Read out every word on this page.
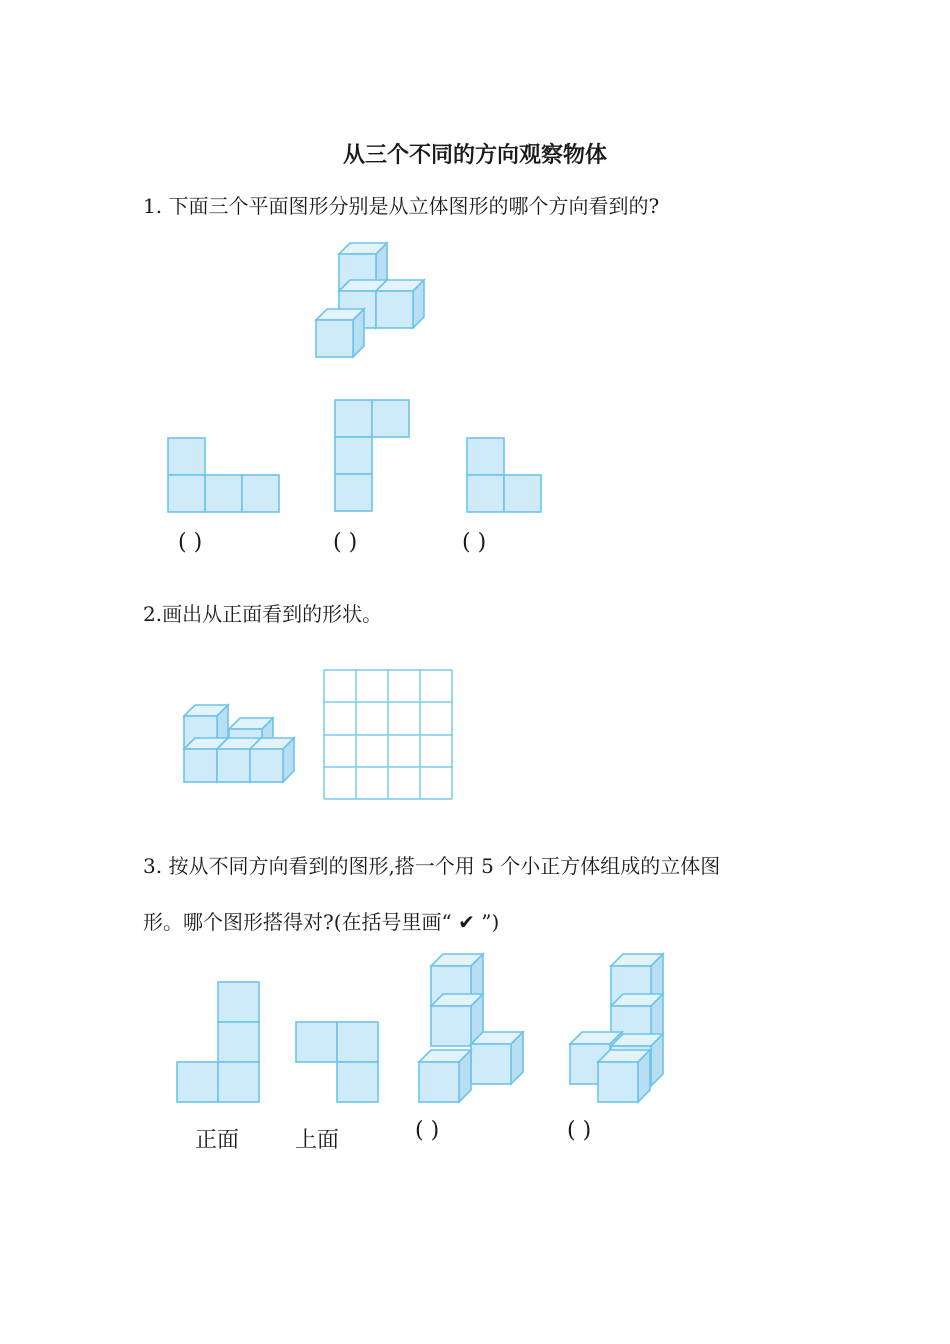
从三个不同的方向观察物体
1. 下面三个平面图形分别是从立体图形的哪个方向看到的?
( )	( )	( )
2.画出从正面看到的形状。
3. 按从不同方向看到的图形,搭一个用 5 个小正方体组成的立体图
形。哪个图形搭得对?(在括号里画“ ✔ ”)
正面	上面	( )	( )
